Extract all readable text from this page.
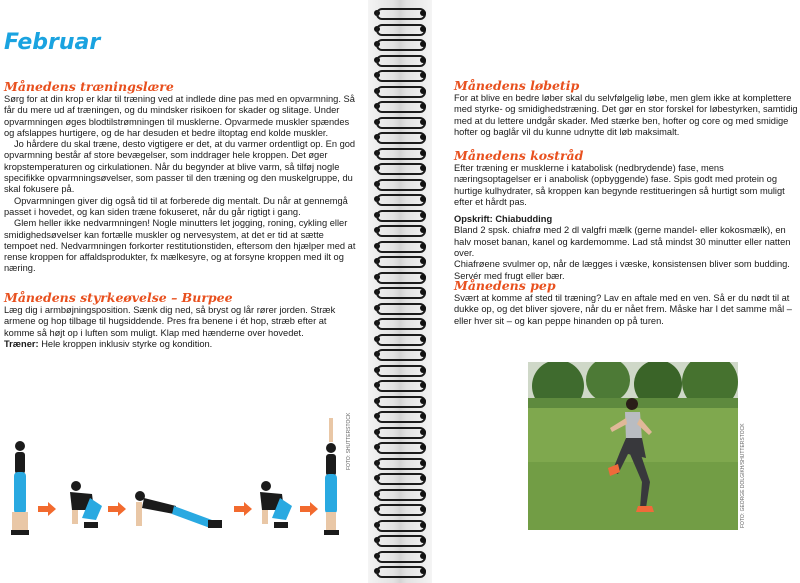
Februar
Månedens træningslære

Sørg for at din krop er klar til træning ved at indlede dine pas med en opvarmning. Så får du mere ud af træningen, og du mindsker risikoen for skader og slitage. Under opvarmningen øges blodtilstrømningen til musklerne. Opvarmede muskler spændes og afslappes hurtigere, og de har desuden et bedre iltoptag end kolde muskler.

Jo hårdere du skal træne, desto vigtigere er det, at du varmer ordentligt op. En god opvarmning består af store bevægelser, som inddrager hele kroppen. Det øger kropstemperaturen og cirkulationen. Når du begynder at blive varm, så tilføj nogle specifikke opvarmningsøvelser, som passer til den træning og den muskelgruppe, du skal fokusere på.

Opvarmningen giver dig også tid til at forberede dig mentalt. Du når at gennemgå passet i hovedet, og kan siden træne fokuseret, når du går rigtigt i gang.

Glem heller ikke nedvarmningen! Nogle minutters let jogging, roning, cykling eller smidighedsøvelser kan fortælle muskler og nervesystem, at det er tid at sætte tempoet ned. Nedvarmningen forkorter restitutionstiden, eftersom den hjælper med at rense kroppen for affaldsprodukter, fx mælkesyre, og at forsyne kroppen med ilt og næring.

Månedens styrkeøvelse – Burpee

Læg dig i armbøjningsposition. Sænk dig ned, så bryst og lår rører jorden. Stræk armene og hop tilbage til hugsiddende. Pres fra benene i ét hop, stræb efter at komme så højt op i luften som muligt. Klap med hænderne over hovedet.

Træner: Hele kroppen inklusiv styrke og kondition.

FOTO: SHUTTERSTOCK
Månedens løbetip

For at blive en bedre løber skal du selvfølgelig løbe, men glem ikke at komplettere med styrke- og smidighedstræning. Det gør en stor forskel for løbestyrken, samtidig med at du lettere undgår skader. Med stærke ben, hofter og core og med smidige hofter og baglår vil du kunne udnytte dit løb maksimalt.

Månedens kostråd

Efter træning er musklerne i katabolisk (nedbrydende) fase, mens næringsoptagelser er i anabolisk (opbyggende) fase. Spis godt med protein og hurtige kulhydrater, så kroppen kan begynde restitueringen så hurtigt som muligt efter et hårdt pas.

Opskrift: Chiabudding

Bland 2 spsk. chiafrø med 2 dl valgfri mælk (gerne mandel- eller kokosmælk), en halv moset banan, kanel og kardemomme. Lad stå mindst 30 minutter eller natten over.

Chiafrøene svulmer op, når de lægges i væske, konsistensen bliver som budding. Servér med frugt eller bær.

Månedens pep

Svært at komme af sted til træning? Lav en aftale med en ven. Så er du nødt til at dukke op, og det bliver sjovere, når du er nået frem. Måske har I det samme mål – eller hver sit – og kan peppe hinanden op på turen.

FOTO: GEORGE DOLGIKH/SHUTTERSTOCK
